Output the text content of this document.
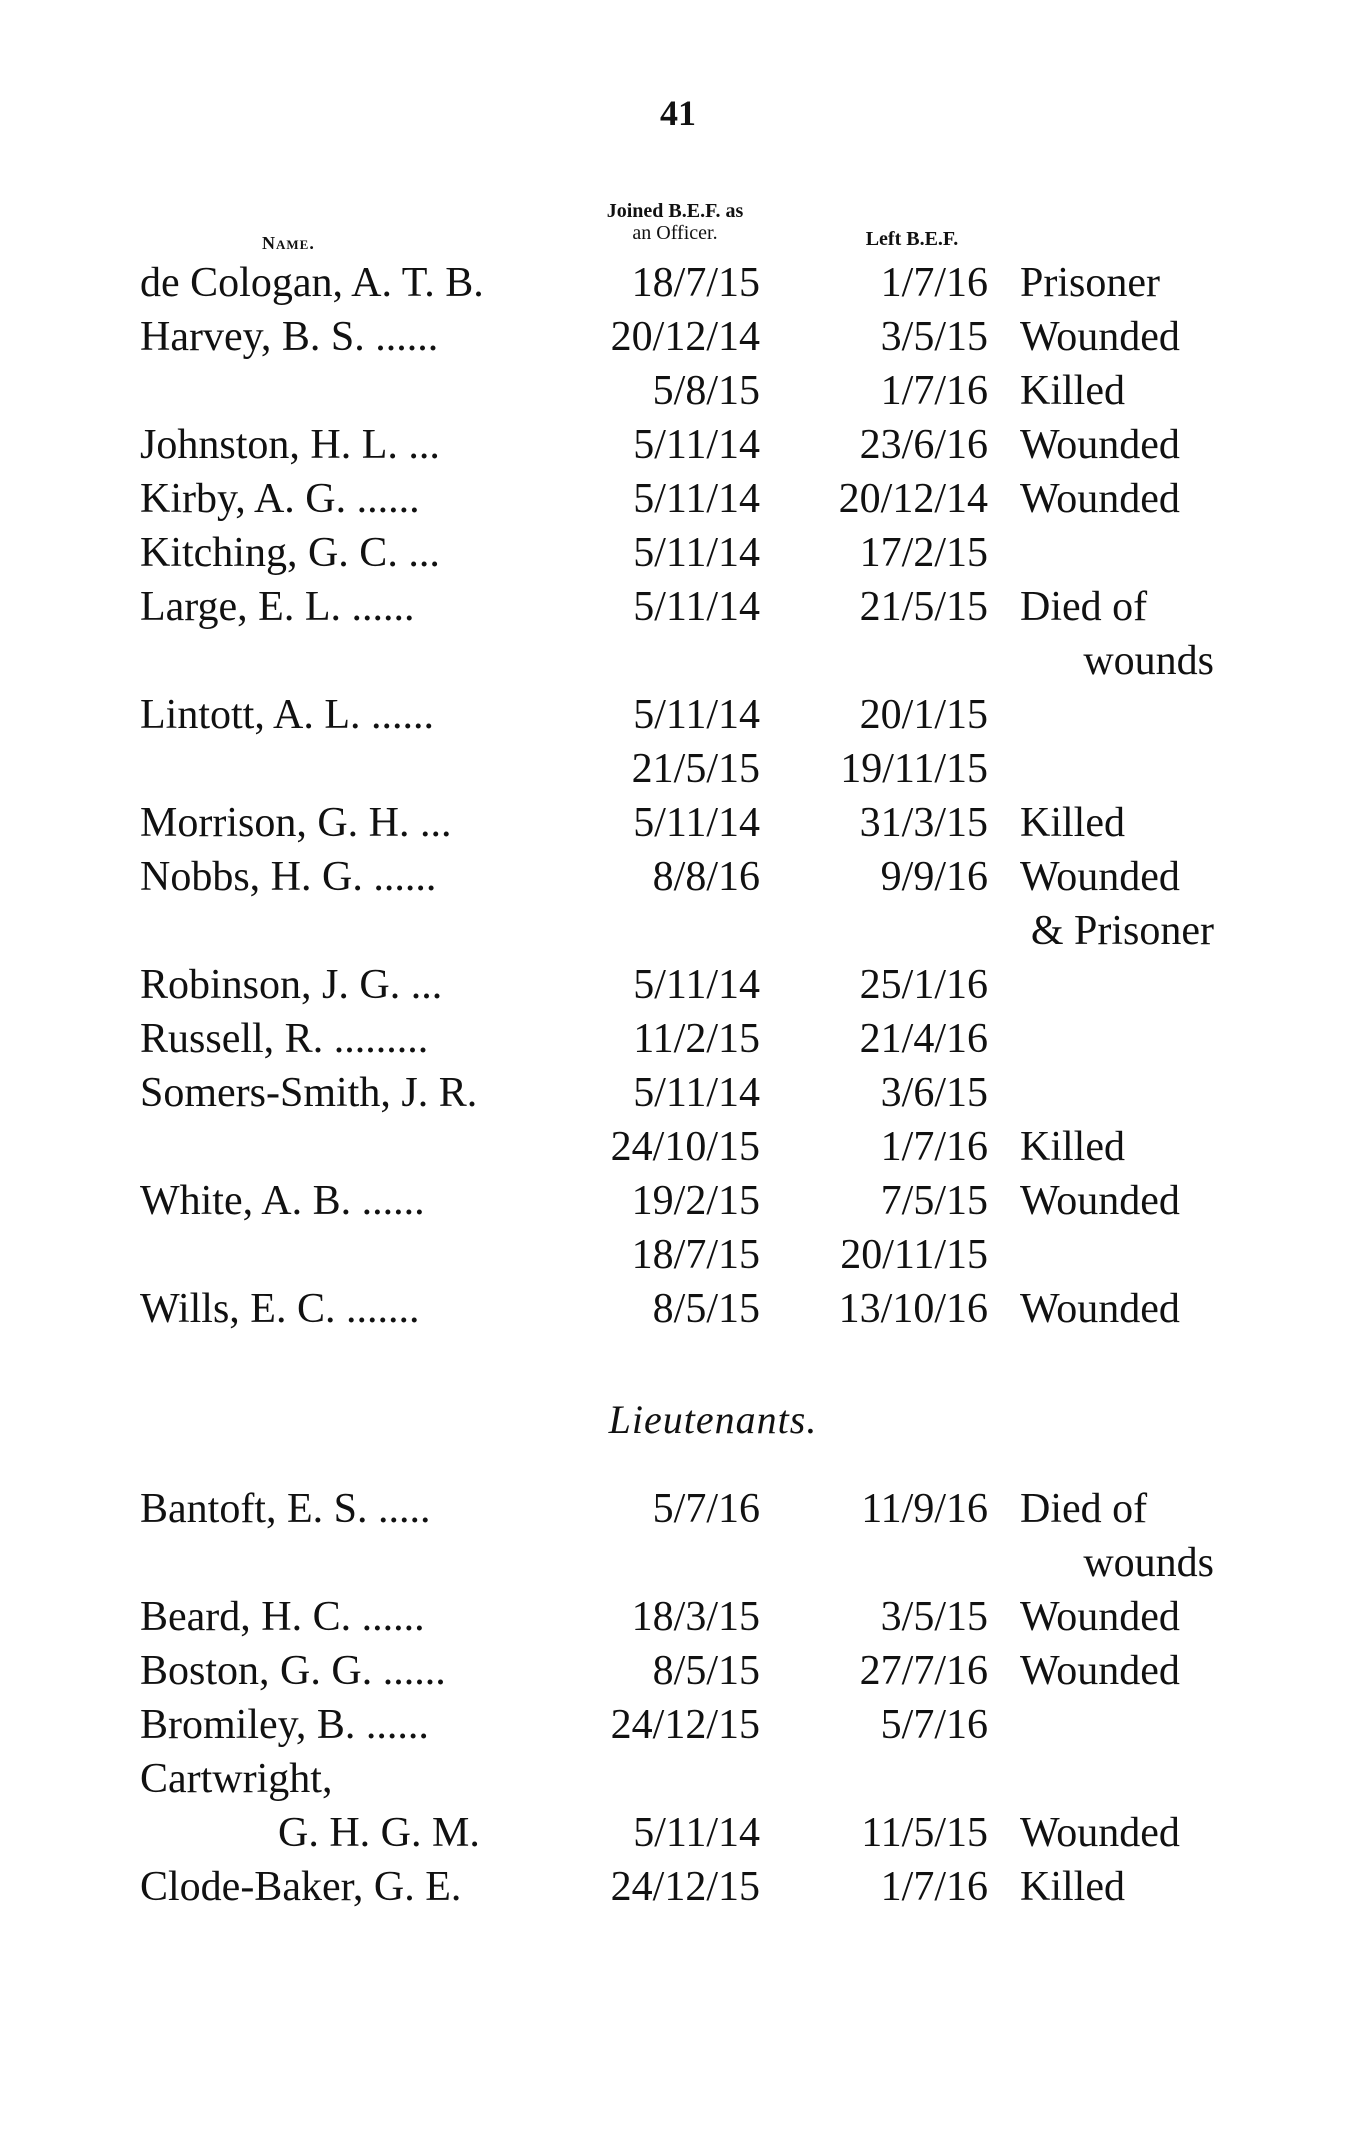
41
Name.
Joined B.E.F. as
an Officer.	Left B.E.F.
de Cologan, A. T. B.	18/7/15	1/7/16 Prisoner
Harvey, B. S. ......	20/12/14	3/5/15 Wounded
5/8/15	1/7/16 Killed
Johnston, H. L. ...	5/11/14 23/6/16 Wounded
Kirby, A. G. ......	5/11/14 20/12/14 Wounded
Kitching, G. C. ...	5/11/14 17/2/15
Large, E. L. ......	5/11/14 21/5/15 Died of
wounds
Lintott, A. L. ......	5/11/14 20/1/15
21/5/15 19/11/15
Morrison, G. H. ...	5/11/14 31/3/15 Killed
Nobbs, H. G. ......	8/8/16	9/9/16 Wounded
& Prisoner
Robinson, J. G. ...	5/11/14 25/1/16
Russell, R. .........	11/2/15 21/4/16
Somers-Smith, J. R.	5/11/14	3/6/15
24/10/15	1/7/16 Killed
White, A. B. ......	19/2/15	7/5/15 Wounded
18/7/15 20/11/15
Wills, E. C. .......	8/5/15 13/10/16 Wounded
Lieutenants.
Bantoft, E. S. .....	5/7/16 11/9/16 Died of
wounds
Beard, H. C. ......	18/3/15	3/5/15 Wounded
Boston, G. G. ......	8/5/15 27/7/16 Wounded
Bromiley, B. ......	24/12/15	5/7/16
Cartwright,
G. H. G. M.	5/11/14 11/5/15 Wounded
Clode-Baker, G. E.	24/12/15	1/7/16 Killed
